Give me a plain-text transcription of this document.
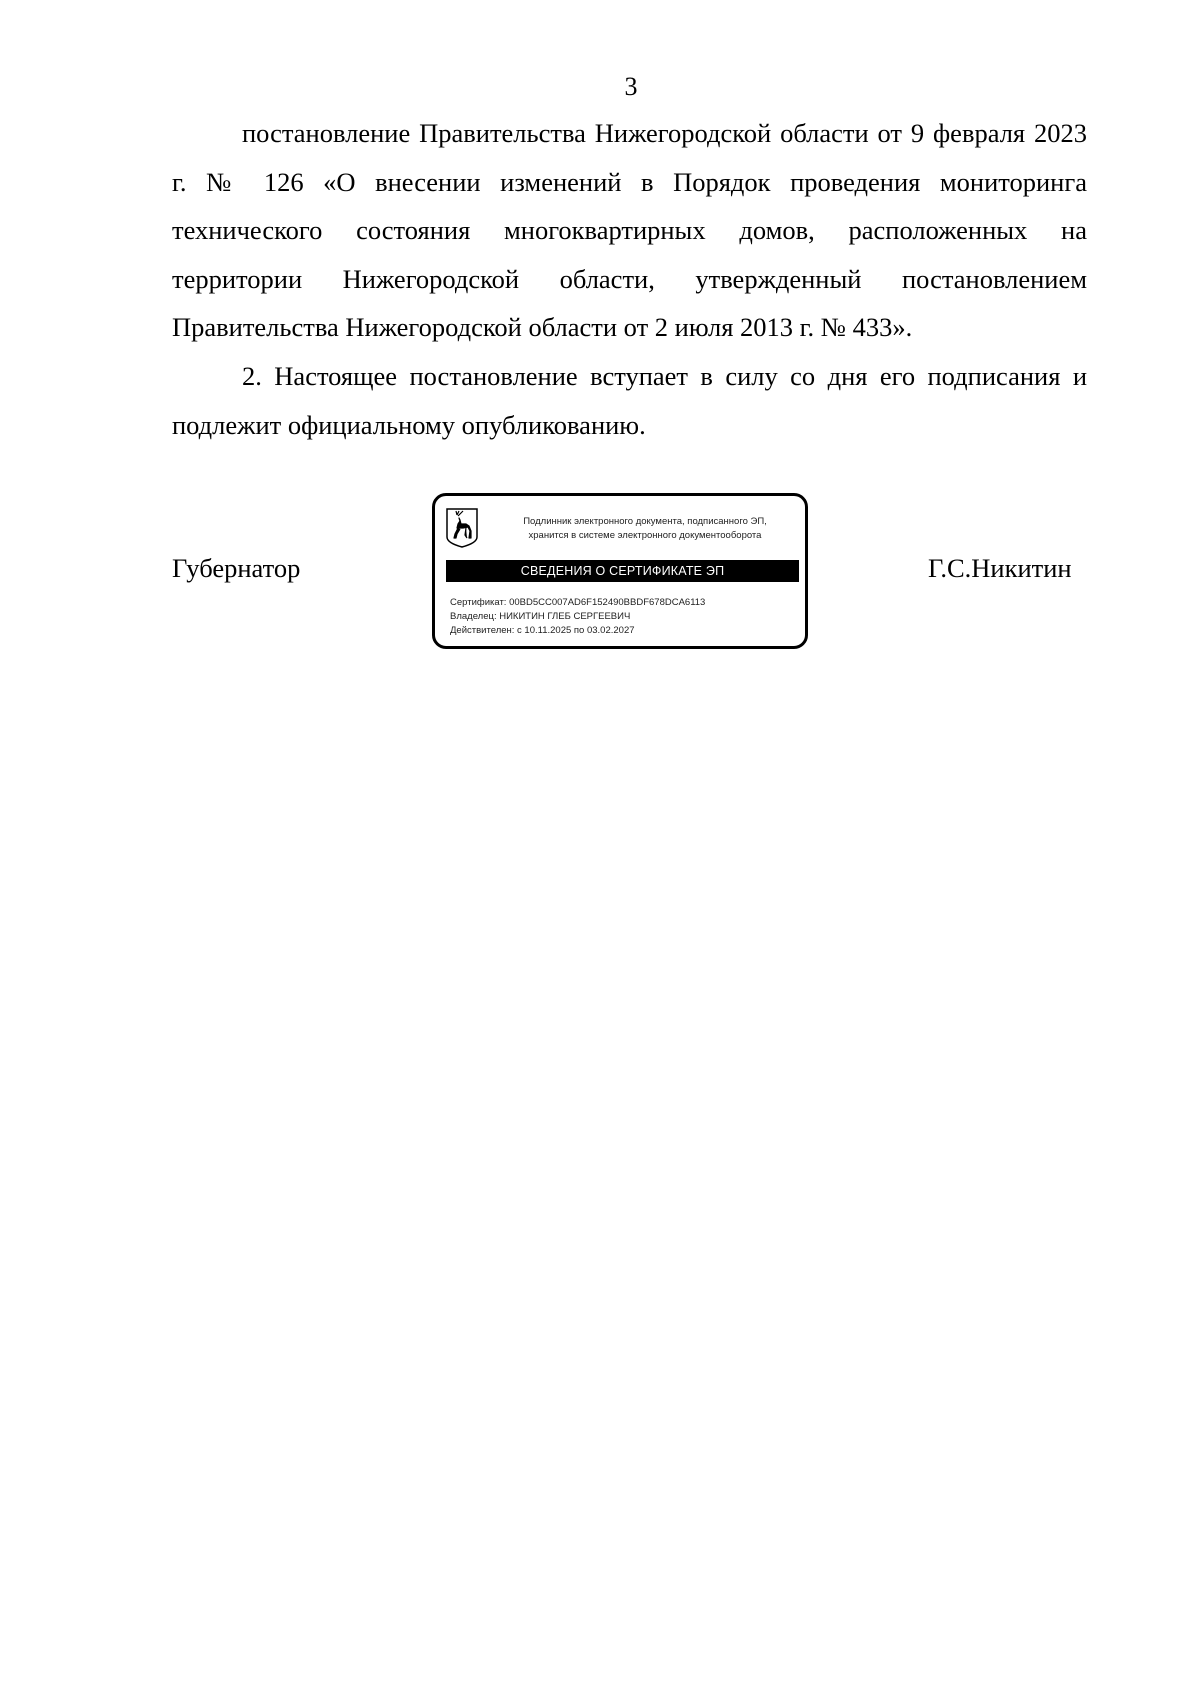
3

постановление Правительства Нижегородской области от 9 февраля 2023 г. № 126 «О внесении изменений в Порядок проведения мониторинга технического состояния многоквартирных домов, расположенных на территории Нижегородской области, утвержденный постановлением Правительства Нижегородской области от 2 июля 2013 г. № 433».

2. Настоящее постановление вступает в силу со дня его подписания и подлежит официальному опубликованию.

Губернатор
Подлинник электронного документа, подписанного ЭП,
хранится в системе электронного документооборота
СВЕДЕНИЯ О СЕРТИФИКАТЕ ЭП
Сертификат: 00BD5CC007AD6F152490BBDF678DCA6113
Владелец: НИКИТИН ГЛЕБ СЕРГЕЕВИЧ
Действителен: с 10.11.2025 по 03.02.2027
Г.С.Никитин
